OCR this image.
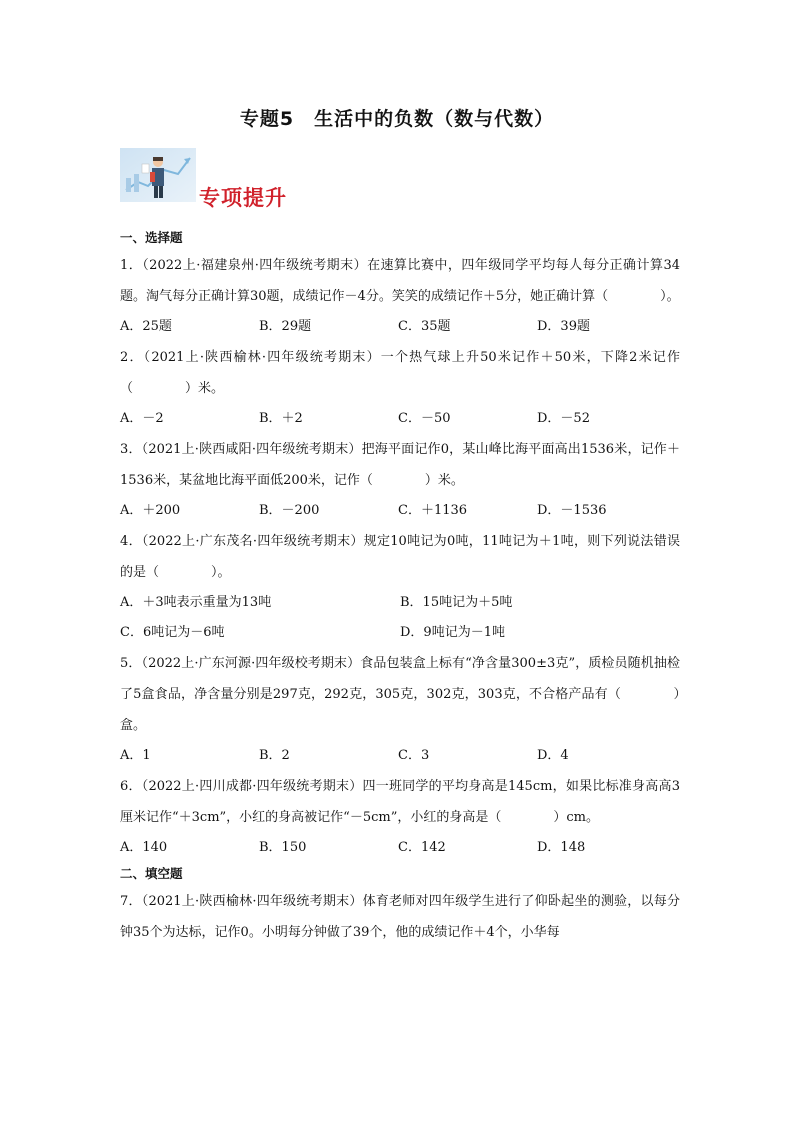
专题5　生活中的负数（数与代数）
专项提升
一、选择题
1．（2022上·福建泉州·四年级统考期末）在速算比赛中，四年级同学平均每人每分正确计算34题。淘气每分正确计算30题，成绩记作－4分。笑笑的成绩记作＋5分，她正确计算（　　　　）。
A．25题	B．29题	C．35题	D．39题
2．（2021上·陕西榆林·四年级统考期末）一个热气球上升50米记作＋50米，下降2米记作（　　　　）米。
A．－2	B．＋2	C．－50	D．－52
3．（2021上·陕西咸阳·四年级统考期末）把海平面记作0，某山峰比海平面高出1536米，记作＋1536米，某盆地比海平面低200米，记作（　　　　）米。
A．＋200	B．－200	C．＋1136	D．－1536
4．（2022上·广东茂名·四年级统考期末）规定10吨记为0吨，11吨记为＋1吨，则下列说法错误的是（　　　　）。
A．＋3吨表示重量为13吨	B．15吨记为＋5吨
C．6吨记为－6吨	D．9吨记为－1吨
5．（2022上·广东河源·四年级校考期末）食品包装盒上标有“净含量300±3克”，质检员随机抽检了5盒食品，净含量分别是297克，292克，305克，302克，303克，不合格产品有（　　　　）盒。
A．1	B．2	C．3	D．4
6．（2022上·四川成都·四年级统考期末）四一班同学的平均身高是145cm，如果比标准身高高3厘米记作“＋3cm”，小红的身高被记作“－5cm”，小红的身高是（　　　　）cm。
A．140	B．150	C．142	D．148
二、填空题
7．（2021上·陕西榆林·四年级统考期末）体育老师对四年级学生进行了仰卧起坐的测验，以每分钟35个为达标，记作0。小明每分钟做了39个，他的成绩记作＋4个，小华每
